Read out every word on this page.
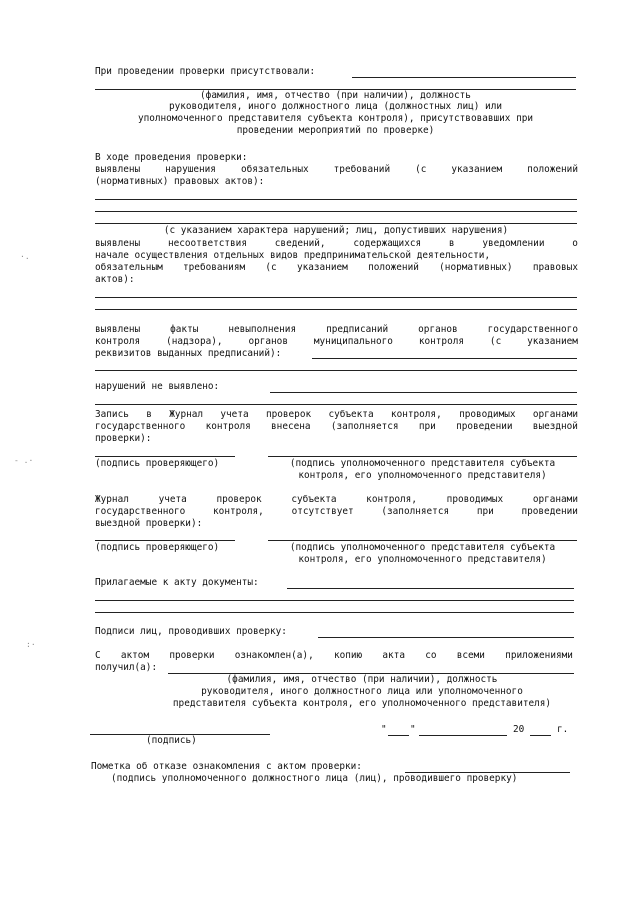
При проведении проверки присутствовали:
(фамилия, имя, отчество (при наличии), должность
руководителя, иного должностного лица (должностных лиц) или
уполномоченного представителя субъекта контроля), присутствовавших при
проведении мероприятий по проверке)
В ходе проведения проверки:
выявлены	нарушения	обязательных	требований	(с	указанием	положений
(нормативных) правовых актов):
(с указанием характера нарушений; лиц, допустивших нарушения)
выявлены	несоответствия	сведений,	содержащихся	в	уведомлении	о
начале осуществления отдельных видов предпринимательской деятельности,
обязательным требованиям (с указанием положений (нормативных) правовых
актов):
выявлены	факты	невыполнения	предписаний	органов	государственного
контроля	(надзора),	органов	муниципального	контроля	(с	указанием
реквизитов выданных предписаний):
нарушений не выявлено:
Запись в Журнал учета проверок субъекта контроля, проводимых органами
государственного контроля внесена (заполняется при проведении выездной
проверки):
(подпись проверяющего)	(подпись уполномоченного представителя субъекта
контроля, его уполномоченного представителя)
Журнал	учета	проверок	субъекта	контроля,	проводимых	органами
государственного	контроля,	отсутствует	(заполняется	при	проведении
выездной проверки):
(подпись проверяющего)	(подпись уполномоченного представителя субъекта
контроля, его уполномоченного представителя)
Прилагаемые к акту документы:
Подписи лиц, проводивших проверку:
С актом проверки ознакомлен(а), копию акта со всеми приложениями
получил(а):
(фамилия, имя, отчество (при наличии), должность
руководителя, иного должностного лица или уполномоченного
представителя субъекта контроля, его уполномоченного представителя)
(подпись)
" "	20	г.
Пометка об отказе ознакомления с актом проверки:
(подпись уполномоченного должностного лица (лиц), проводившего проверку)
·.
- .·
:·
